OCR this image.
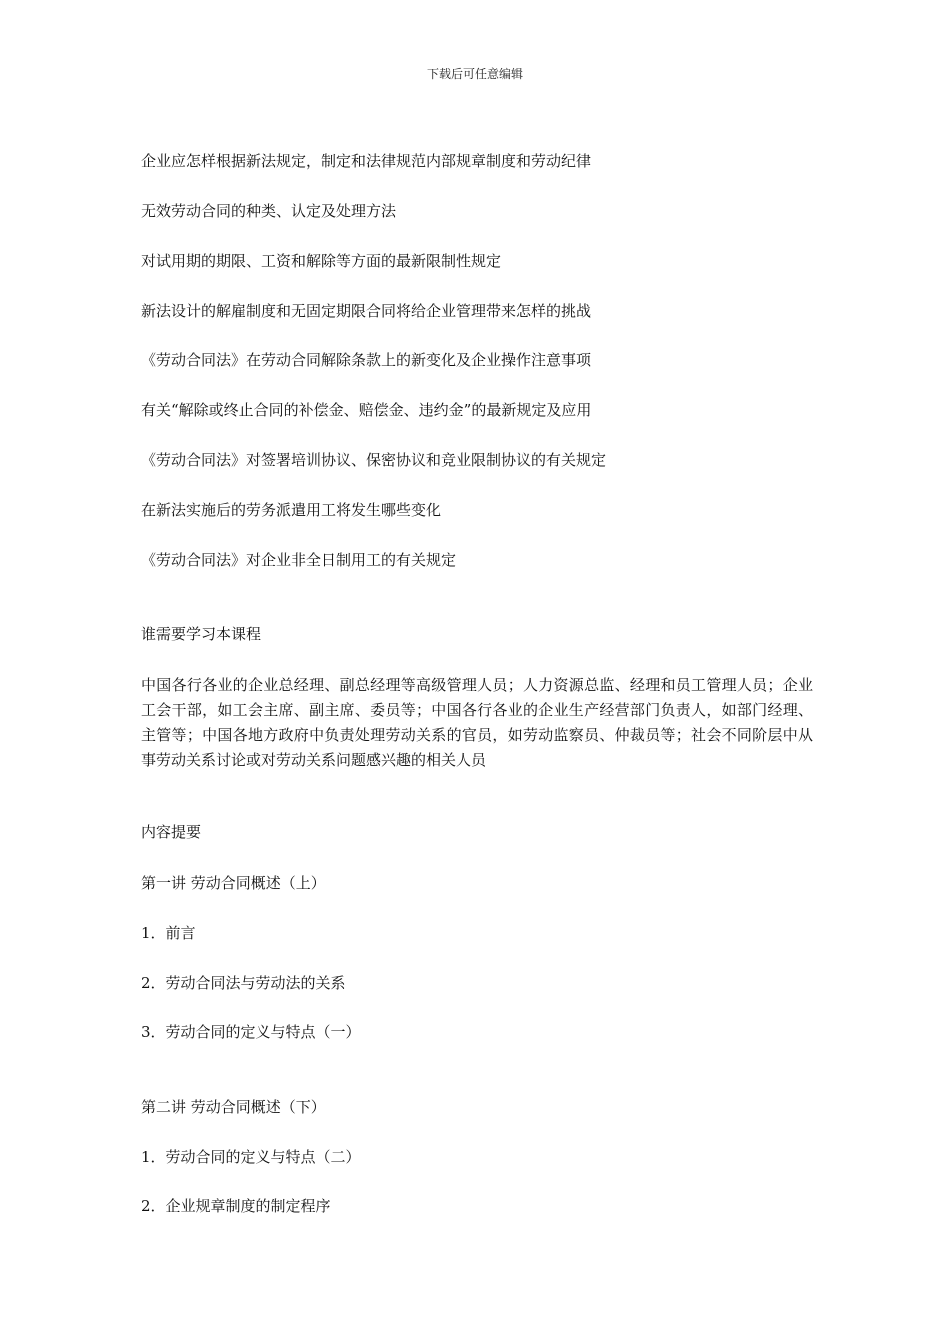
下载后可任意编辑
企业应怎样根据新法规定，制定和法律规范内部规章制度和劳动纪律
无效劳动合同的种类、认定及处理方法
对试用期的期限、工资和解除等方面的最新限制性规定
新法设计的解雇制度和无固定期限合同将给企业管理带来怎样的挑战
《劳动合同法》在劳动合同解除条款上的新变化及企业操作注意事项
有关“解除或终止合同的补偿金、赔偿金、违约金”的最新规定及应用
《劳动合同法》对签署培训协议、保密协议和竞业限制协议的有关规定
在新法实施后的劳务派遣用工将发生哪些变化
《劳动合同法》对企业非全日制用工的有关规定
谁需要学习本课程
中国各行各业的企业总经理、副总经理等高级管理人员；人力资源总监、经理和员工管理人员；企业工会干部，如工会主席、副主席、委员等；中国各行各业的企业生产经营部门负责人，如部门经理、主管等；中国各地方政府中负责处理劳动关系的官员，如劳动监察员、仲裁员等；社会不同阶层中从事劳动关系讨论或对劳动关系问题感兴趣的相关人员
内容提要
第一讲 劳动合同概述（上）
1．前言
2．劳动合同法与劳动法的关系
3．劳动合同的定义与特点（一）
第二讲 劳动合同概述（下）
1．劳动合同的定义与特点（二）
2．企业规章制度的制定程序
